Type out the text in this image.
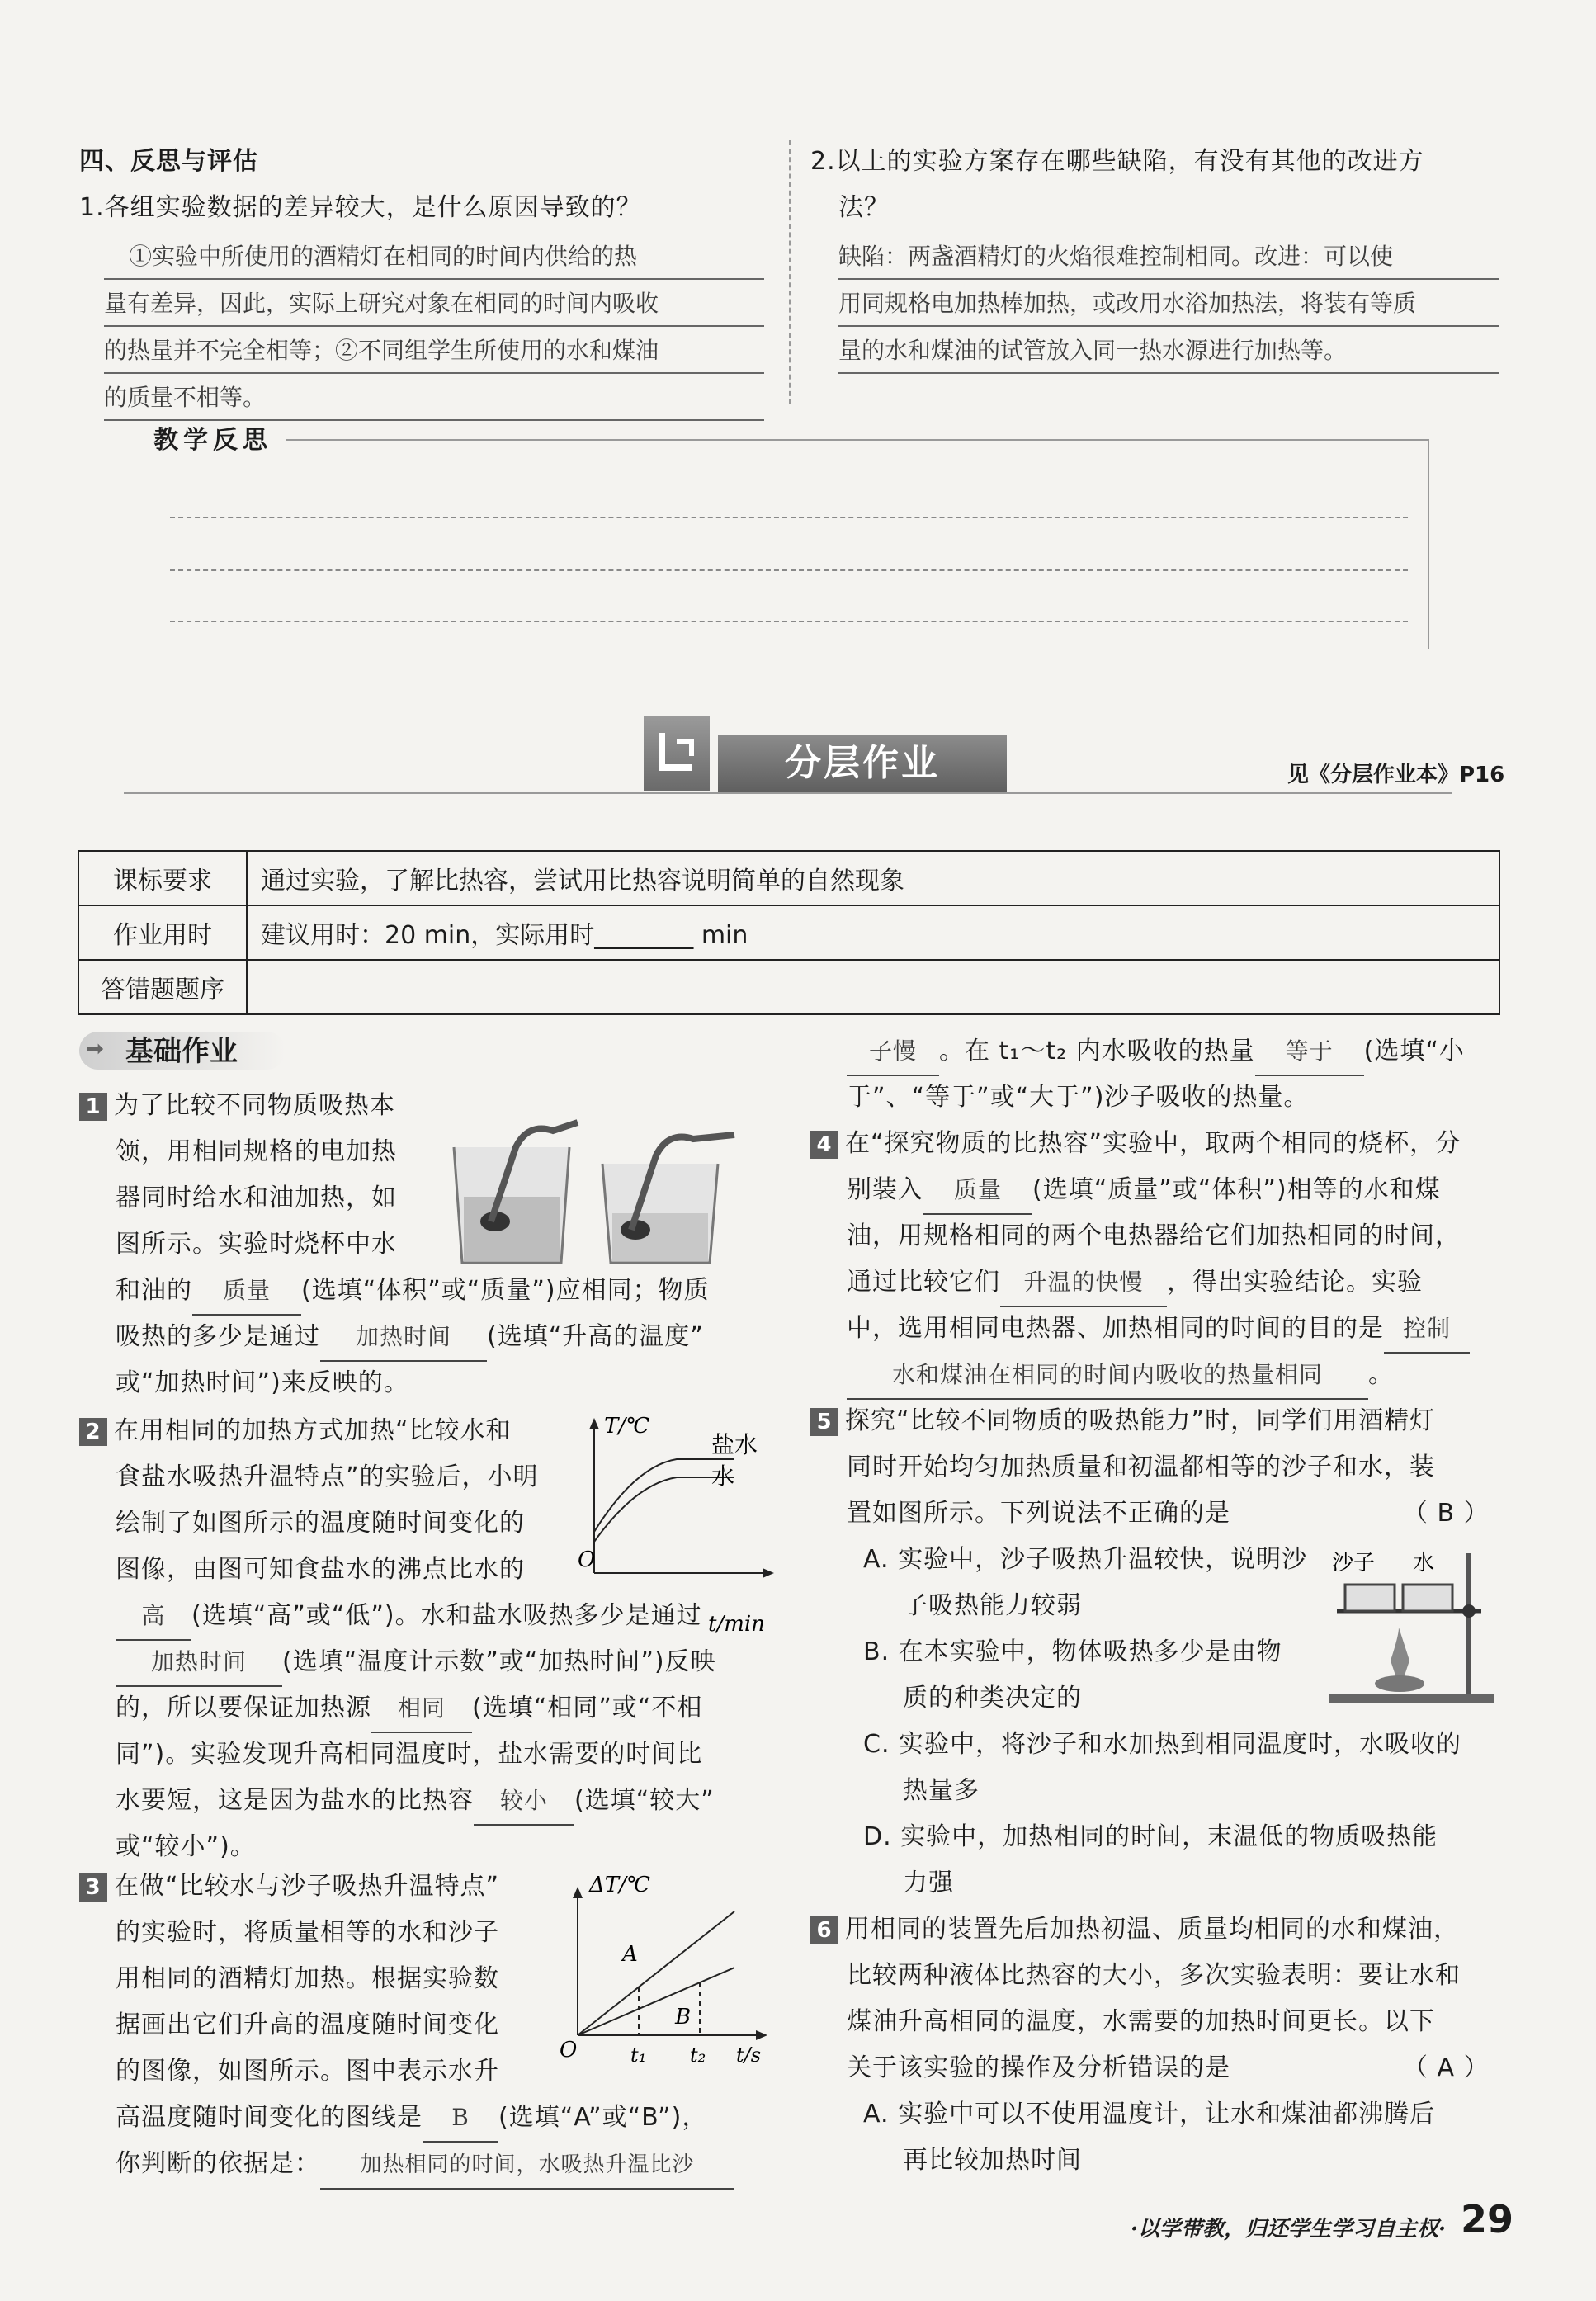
四、反思与评估
1.各组实验数据的差异较大，是什么原因导致的？
①实验中所使用的酒精灯在相同的时间内供给的热
量有差异，因此，实际上研究对象在相同的时间内吸收
的热量并不完全相等；②不同组学生所使用的水和煤油
的质量不相等。
2.以上的实验方案存在哪些缺陷，有没有其他的改进方
法？
缺陷：两盏酒精灯的火焰很难控制相同。改进：可以使
用同规格电加热棒加热，或改用水浴加热法，将装有等质
量的水和煤油的试管放入同一热水源进行加热等。
教学反思
分层作业	见《分层作业本》P16
课标要求	通过实验，了解比热容，尝试用比热容说明简单的自然现象
作业用时	建议用时：20 min，实际用时________ min
答错题题序	
➡ 基础作业
1 为了比较不同物质吸热本
领，用相同规格的电加热
器同时给水和油加热，如
图所示。实验时烧杯中水
和油的 质量 (选填“体积”或“质量”)应相同；物质
吸热的多少是通过 加热时间 (选填“升高的温度”
或“加热时间”)来反映的。
2 在用相同的加热方式加热“比较水和
食盐水吸热升温特点”的实验后，小明
绘制了如图所示的温度随时间变化的
图像，由图可知食盐水的沸点比水的
高 (选填“高”或“低”)。水和盐水吸热多少是通过
加热时间 (选填“温度计示数”或“加热时间”)反映
的，所以要保证加热源 相同 (选填“相同”或“不相
同”)。实验发现升高相同温度时，盐水需要的时间比
水要短，这是因为盐水的比热容 较小 (选填“较大”
或“较小”)。
T/℃
t/min
O
盐水
水
3 在做“比较水与沙子吸热升温特点”
的实验时，将质量相等的水和沙子
用相同的酒精灯加热。根据实验数
据画出它们升高的温度随时间变化
的图像，如图所示。图中表示水升
高温度随时间变化的图线是 B (选填“A”或“B”)，
你判断的依据是： 加热相同的时间，水吸热升温比沙
ΔT/℃
t/s
O
A
B
t₁ t₂
子慢 。在 t₁～t₂ 内水吸收的热量 等于 (选填“小
于”、“等于”或“大于”)沙子吸收的热量。
4 在“探究物质的比热容”实验中，取两个相同的烧杯，分
别装入 质量 (选填“质量”或“体积”)相等的水和煤
油，用规格相同的两个电热器给它们加热相同的时间，
通过比较它们 升温的快慢 ，得出实验结论。实验
中，选用相同电热器、加热相同的时间的目的是 控制
水和煤油在相同的时间内吸收的热量相同 。
5 探究“比较不同物质的吸热能力”时，同学们用酒精灯
同时开始均匀加热质量和初温都相等的沙子和水，装
置如图所示。下列说法不正确的是	（ B ）
A. 实验中，沙子吸热升温较快，说明沙
子吸热能力较弱
B. 在本实验中，物体吸热多少是由物
质的种类决定的
C. 实验中，将沙子和水加热到相同温度时，水吸收的
热量多
D. 实验中，加热相同的时间，末温低的物质吸热能
力强
沙子 水
6 用相同的装置先后加热初温、质量均相同的水和煤油，
比较两种液体比热容的大小，多次实验表明：要让水和
煤油升高相同的温度，水需要的加热时间更长。以下
关于该实验的操作及分析错误的是	（ A ）
A. 实验中可以不使用温度计，让水和煤油都沸腾后
再比较加热时间
·以学带教，归还学生学习自主权· 29
